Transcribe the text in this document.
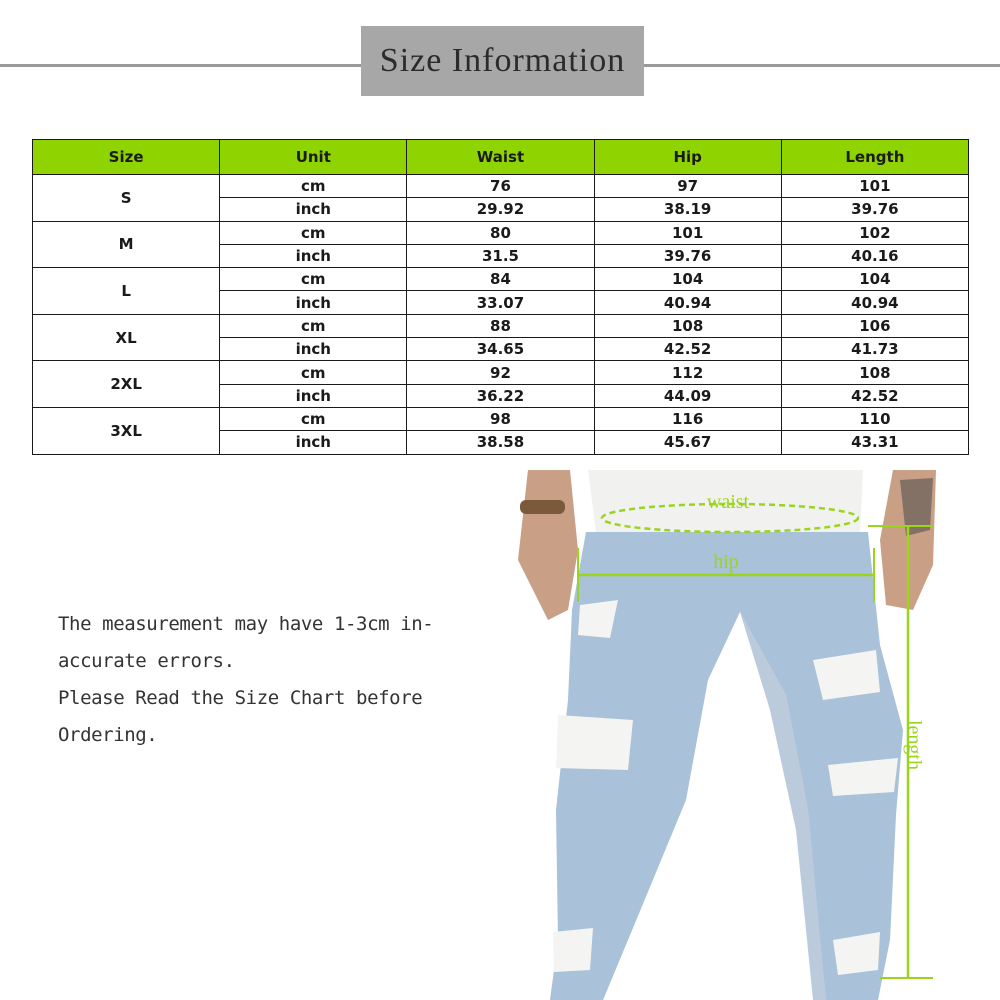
Size Information
Size	Unit	Waist	Hip	Length
S	cm	76	97	101
	inch	29.92	38.19	39.76
M	cm	80	101	102
	inch	31.5	39.76	40.16
L	cm	84	104	104
	inch	33.07	40.94	40.94
XL	cm	88	108	106
	inch	34.65	42.52	41.73
2XL	cm	92	112	108
	inch	36.22	44.09	42.52
3XL	cm	98	116	110
	inch	38.58	45.67	43.31

The measurement may have 1-3cm in-

accurate errors.

Please Read the Size Chart before

Ordering.

waist
hip
length
